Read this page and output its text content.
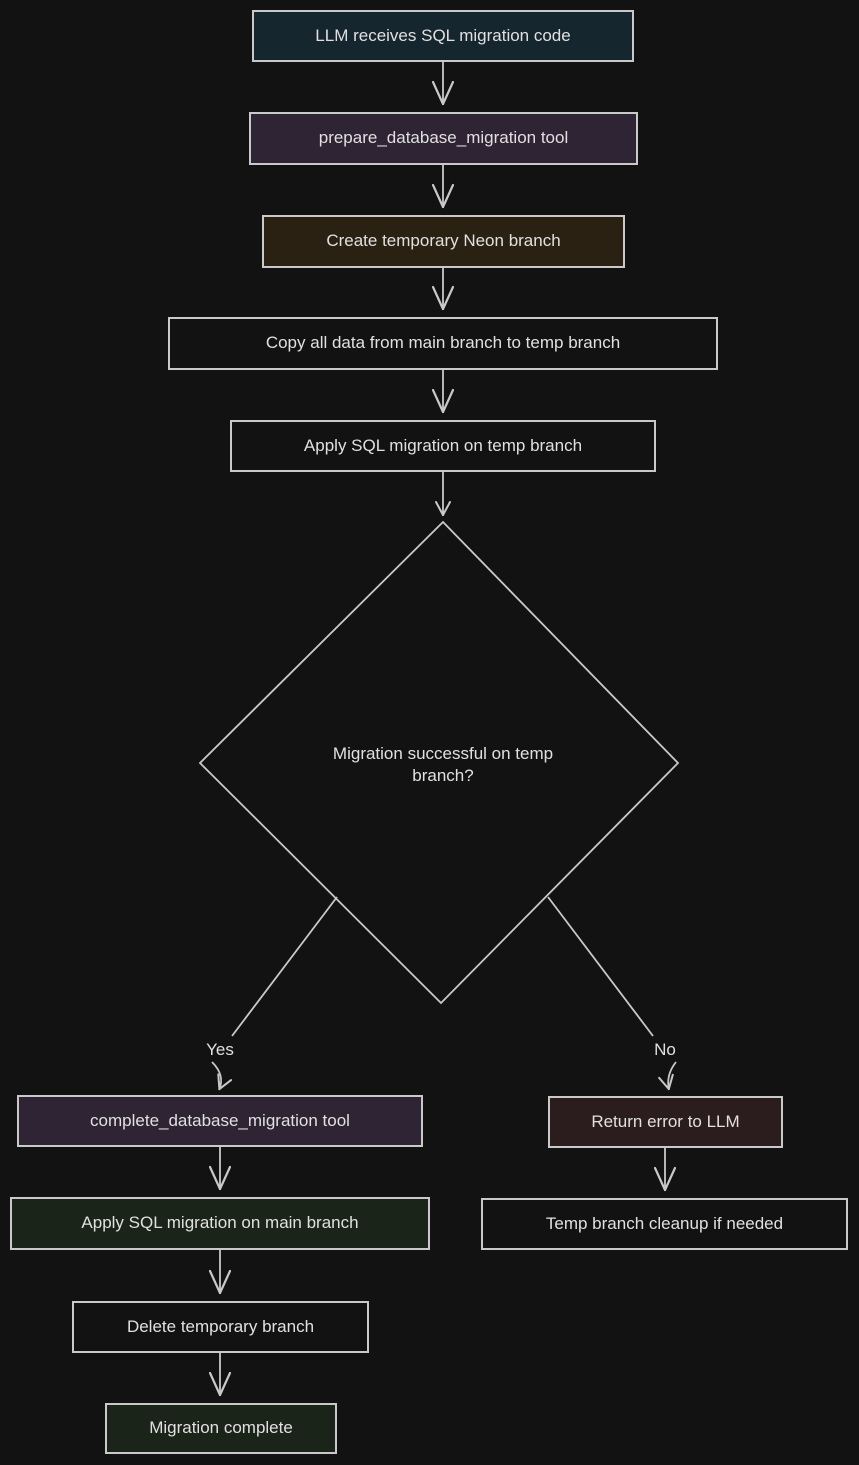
LLM receives SQL migration code
prepare_database_migration tool
Create temporary Neon branch
Copy all data from main branch to temp branch
Apply SQL migration on temp branch
Migration successful on temp branch?
complete_database_migration tool
Apply SQL migration on main branch
Delete temporary branch
Migration complete
Return error to LLM
Temp branch cleanup if needed
Yes	No
